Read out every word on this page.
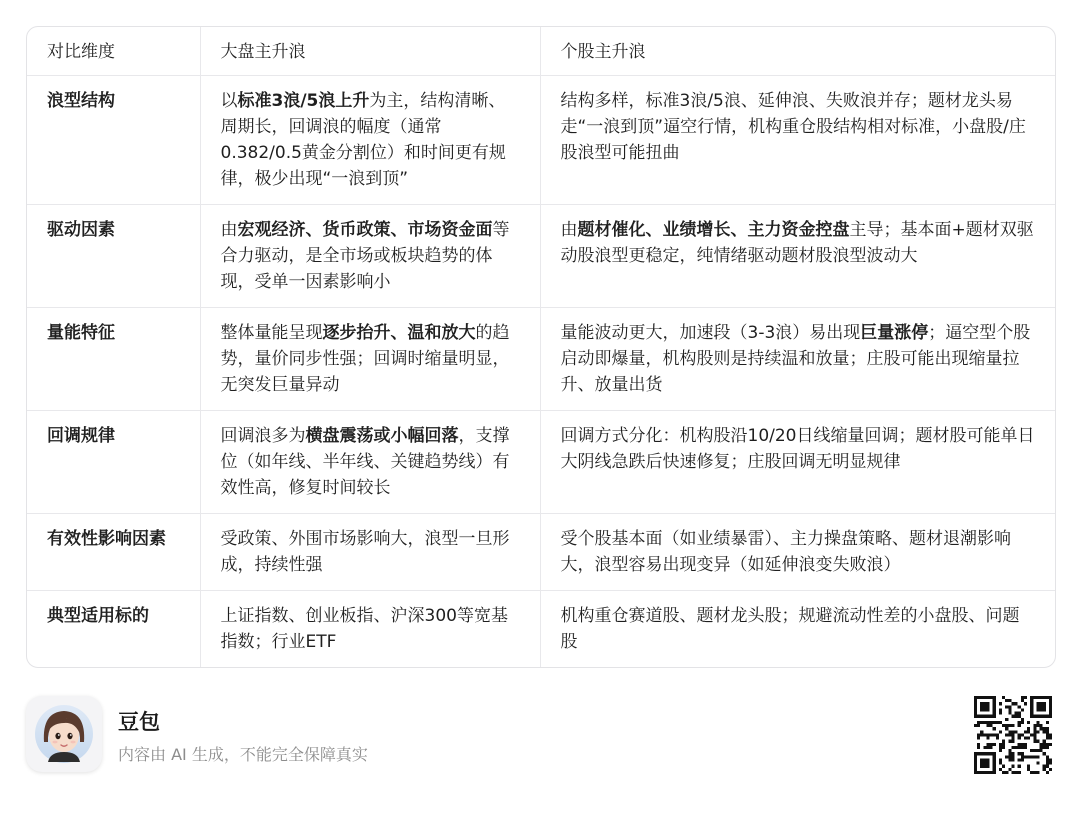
对比维度	大盘主升浪	个股主升浪
浪型结构	以标准3浪/5浪上升为主，结构清晰、周期长，回调浪的幅度（通常0.382/0.5黄金分割位）和时间更有规律，极少出现“一浪到顶”	结构多样，标准3浪/5浪、延伸浪、失败浪并存；题材龙头易走“一浪到顶”逼空行情，机构重仓股结构相对标准，小盘股/庄股浪型可能扭曲
驱动因素	由宏观经济、货币政策、市场资金面等合力驱动，是全市场或板块趋势的体现，受单一因素影响小	由题材催化、业绩增长、主力资金控盘主导；基本面+题材双驱动股浪型更稳定，纯情绪驱动题材股浪型波动大
量能特征	整体量能呈现逐步抬升、温和放大的趋势，量价同步性强；回调时缩量明显，无突发巨量异动	量能波动更大，加速段（3-3浪）易出现巨量涨停；逼空型个股启动即爆量，机构股则是持续温和放量；庄股可能出现缩量拉升、放量出货
回调规律	回调浪多为横盘震荡或小幅回落，支撑位（如年线、半年线、关键趋势线）有效性高，修复时间较长	回调方式分化：机构股沿10/20日线缩量回调；题材股可能单日大阴线急跌后快速修复；庄股回调无明显规律
有效性影响因素	受政策、外围市场影响大，浪型一旦形成，持续性强	受个股基本面（如业绩暴雷）、主力操盘策略、题材退潮影响大，浪型容易出现变异（如延伸浪变失败浪）
典型适用标的	上证指数、创业板指、沪深300等宽基指数；行业ETF	机构重仓赛道股、题材龙头股；规避流动性差的小盘股、问题股
豆包
内容由 AI 生成，不能完全保障真实
